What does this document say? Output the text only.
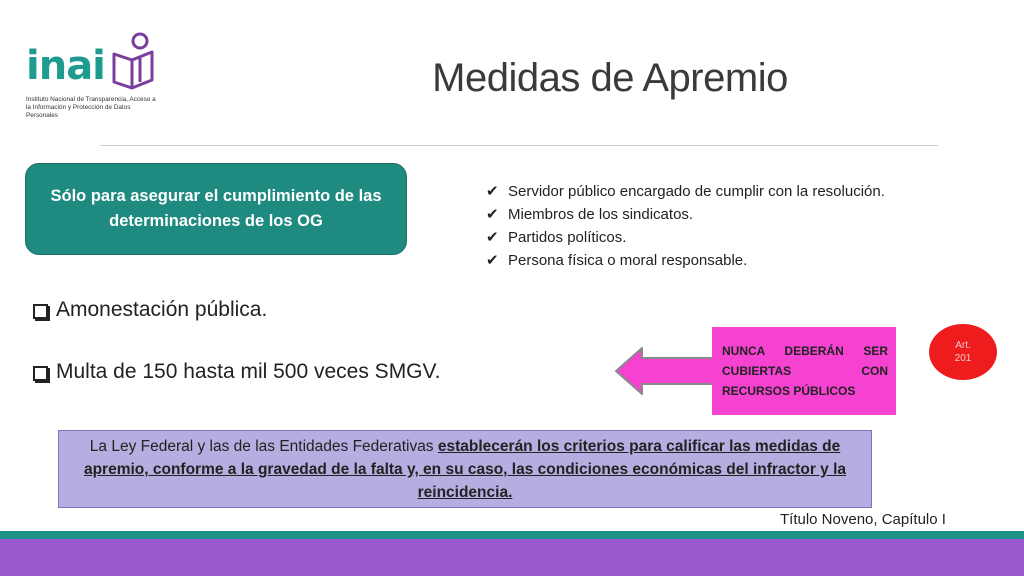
inai
Instituto Nacional de Transparencia, Acceso a la Información y Protección de Datos Personales
Medidas de Apremio
Sólo para asegurar el cumplimiento de las determinaciones de los OG
✔ Servidor público encargado de cumplir con la resolución.
✔ Miembros de los sindicatos.
✔ Partidos políticos.
✔ Persona física o moral responsable.
Amonestación pública.
Multa de 150 hasta mil 500 veces SMGV.
NUNCA DEBERÁN SER CUBIERTAS CON RECURSOS PÚBLICOS
Art.
201
La Ley Federal y las de las Entidades Federativas establecerán los criterios para calificar las medidas de apremio, conforme a la gravedad de la falta y, en su caso, las condiciones económicas del infractor y la reincidencia.
Título Noveno, Capítulo I
